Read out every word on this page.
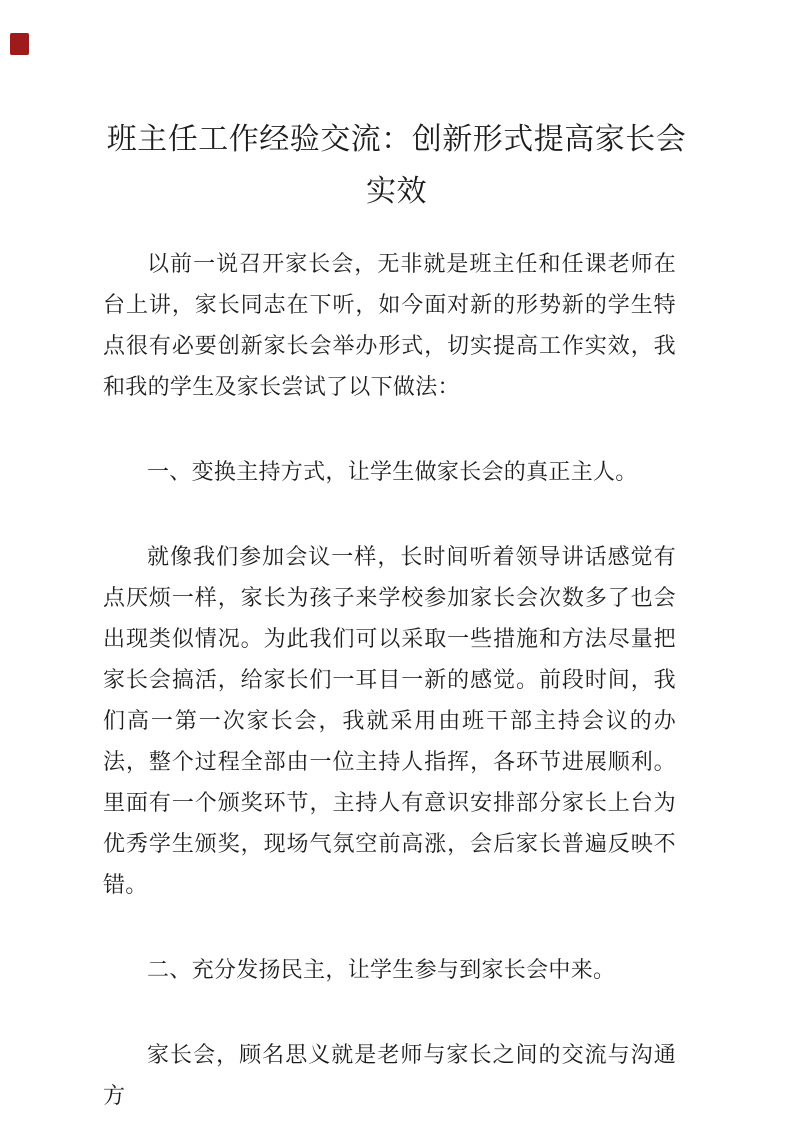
班主任工作经验交流：创新形式提高家长会
实效

以前一说召开家长会，无非就是班主任和任课老师在台上讲，家长同志在下听，如今面对新的形势新的学生特点很有必要创新家长会举办形式，切实提高工作实效，我和我的学生及家长尝试了以下做法：

一、变换主持方式，让学生做家长会的真正主人。

就像我们参加会议一样，长时间听着领导讲话感觉有点厌烦一样，家长为孩子来学校参加家长会次数多了也会出现类似情况。为此我们可以采取一些措施和方法尽量把家长会搞活，给家长们一耳目一新的感觉。前段时间，我们高一第一次家长会，我就采用由班干部主持会议的办法，整个过程全部由一位主持人指挥，各环节进展顺利。里面有一个颁奖环节，主持人有意识安排部分家长上台为优秀学生颁奖，现场气氛空前高涨，会后家长普遍反映不错。

二、充分发扬民主，让学生参与到家长会中来。

家长会，顾名思义就是老师与家长之间的交流与沟通方
